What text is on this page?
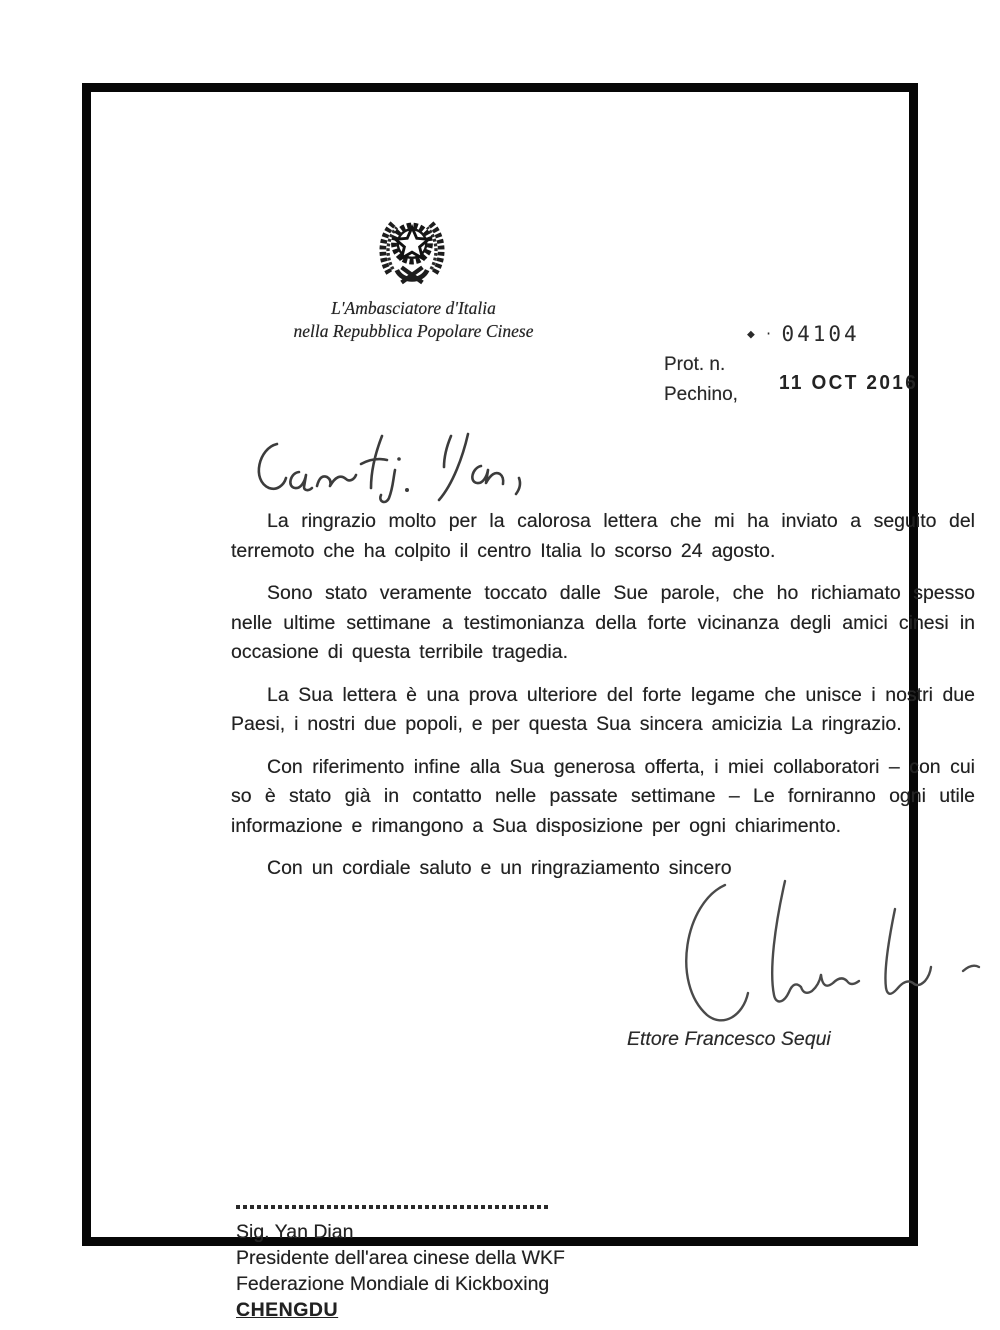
L'Ambasciatore d'Italia
nella Repubblica Popolare Cinese
Prot. n.
Pechino,
◆ · 04104
11 OCT 2016

La ringrazio molto per la calorosa lettera che mi ha inviato a seguito del terremoto che ha colpito il centro Italia lo scorso 24 agosto.

Sono stato veramente toccato dalle Sue parole, che ho richiamato spesso nelle ultime settimane a testimonianza della forte vicinanza degli amici cinesi in occasione di questa terribile tragedia.

La Sua lettera è una prova ulteriore del forte legame che unisce i nostri due Paesi, i nostri due popoli, e per questa Sua sincera amicizia La ringrazio.

Con riferimento infine alla Sua generosa offerta, i miei collaboratori – con cui so è stato già in contatto nelle passate settimane – Le forniranno ogni utile informazione e rimangono a Sua disposizione per ogni chiarimento.

Con un cordiale saluto e un ringraziamento sincero

Ettore Francesco Sequi
Sig. Yan Dian
Presidente dell'area cinese della WKF
Federazione Mondiale di Kickboxing
CHENGDU
